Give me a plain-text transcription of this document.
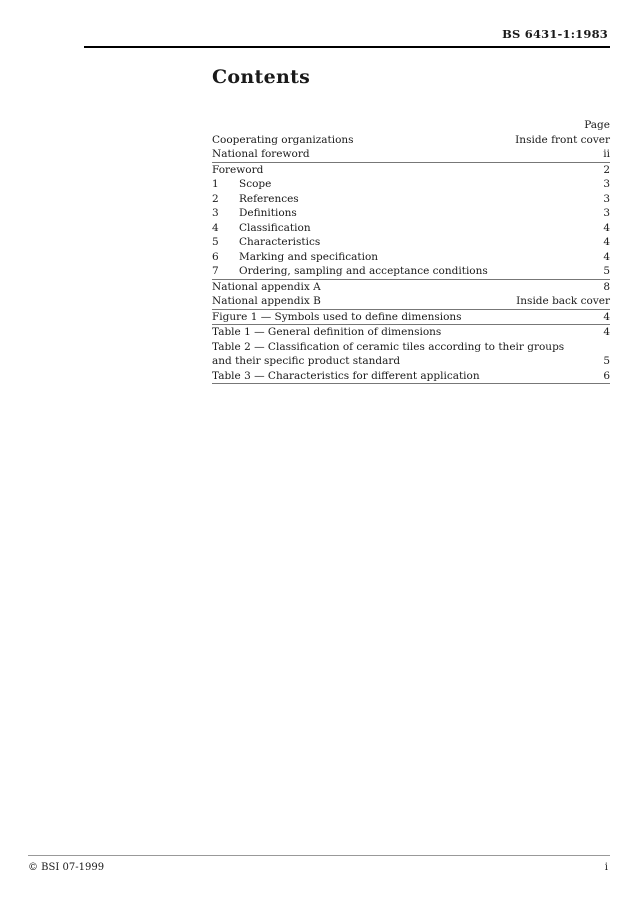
BS 6431-1:1983
Contents
Page
Cooperating organizations	Inside front cover
National foreword	ii
Foreword	2
1	Scope	3
2	References	3
3	Definitions	3
4	Classification	4
5	Characteristics	4
6	Marking and specification	4
7	Ordering, sampling and acceptance conditions	5
National appendix A	8
National appendix B	Inside back cover
Figure 1 — Symbols used to define dimensions	4
Table 1 — General definition of dimensions	4
Table 2 — Classification of ceramic tiles according to their groups
and their specific product standard	5
Table 3 — Characteristics for different application	6
© BSI 07-1999	i
